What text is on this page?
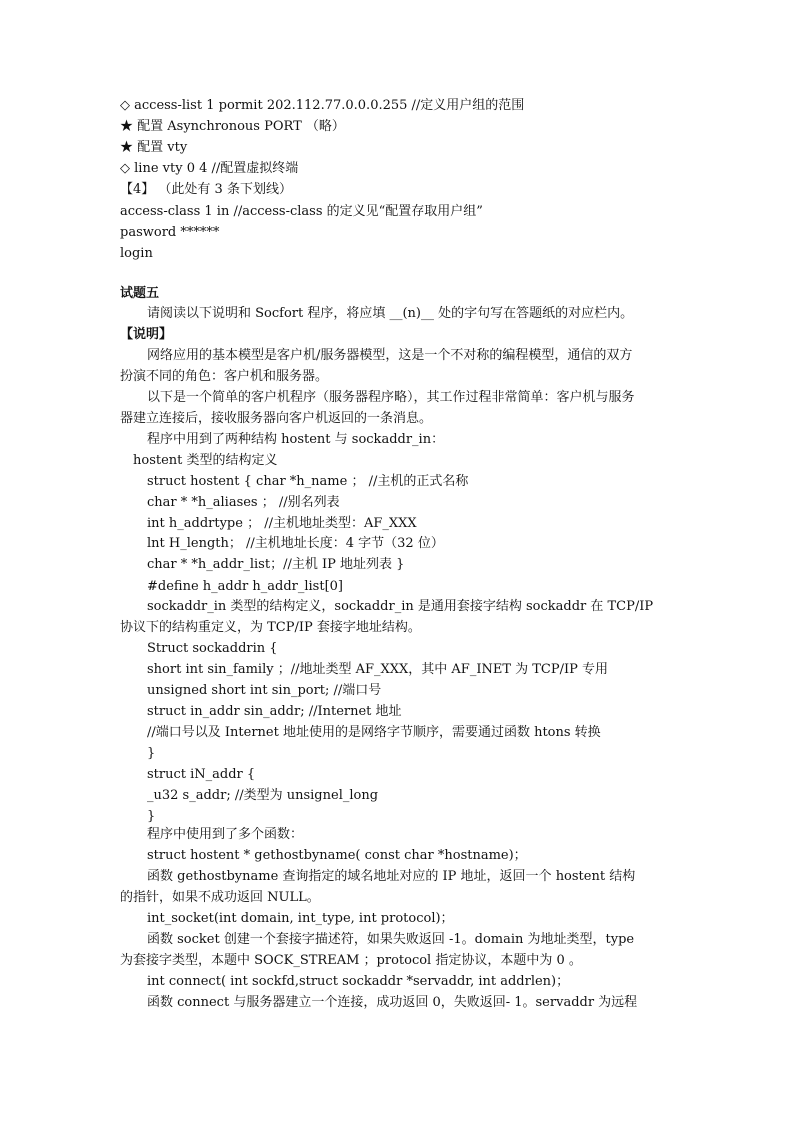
◇ access-list 1 pormit 202.112.77.0.0.0.255 //定义用户组的范围
★ 配置 Asynchronous PORT （略）
★ 配置 vty
◇ line vty 0 4 //配置虚拟终端
【4】 （此处有 3 条下划线）
access-class 1 in //access-class 的定义见“配置存取用户组”
pasword ******
login
试题五
请阅读以下说明和 Socfort 程序，将应填 __(n)__ 处的字句写在答题纸的对应栏内。
【说明】
网络应用的基本模型是客户机/服务器模型，这是一个不对称的编程模型，通信的双方
扮演不同的角色：客户机和服务器。
以下是一个简单的客户机程序（服务器程序略），其工作过程非常简单：客户机与服务
器建立连接后，接收服务器向客户机返回的一条消息。
程序中用到了两种结构 hostent 与 sockaddr_in：
hostent 类型的结构定义
struct hostent { char *h_name ； //主机的正式名称
char * *h_aliases ； //别名列表
int h_addrtype ； //主机地址类型：AF_XXX
lnt H_length； //主机地址长度：4 字节（32 位）
char * *h_addr_list；//主机 IP 地址列表 }
#define h_addr h_addr_list[0]
sockaddr_in 类型的结构定义，sockaddr_in 是通用套接字结构 sockaddr 在 TCP/IP
协议下的结构重定义，为 TCP/IP 套接字地址结构。
Struct sockaddrin {
short int sin_family ；//地址类型 AF_XXX，其中 AF_INET 为 TCP/IP 专用
unsigned short int sin_port; //端口号
struct in_addr sin_addr; //Internet 地址
//端口号以及 Internet 地址使用的是网络字节顺序，需要通过函数 htons 转换
}
struct iN_addr {
_u32 s_addr; //类型为 unsignel_long
}
程序中使用到了多个函数：
struct hostent * gethostbyname( const char *hostname)；
函数 gethostbyname 查询指定的域名地址对应的 IP 地址，返回一个 hostent 结构
的指针，如果不成功返回 NULL。
int_socket(int domain, int_type, int protocol)；
函数 socket 创建一个套接字描述符，如果失败返回 -1。domain 为地址类型，type
为套接字类型，本题中 SOCK_STREAM ；protocol 指定协议，本题中为 0 。
int connect( int sockfd,struct sockaddr *servaddr, int addrlen)；
函数 connect 与服务器建立一个连接，成功返回 0，失败返回- 1。servaddr 为远程
